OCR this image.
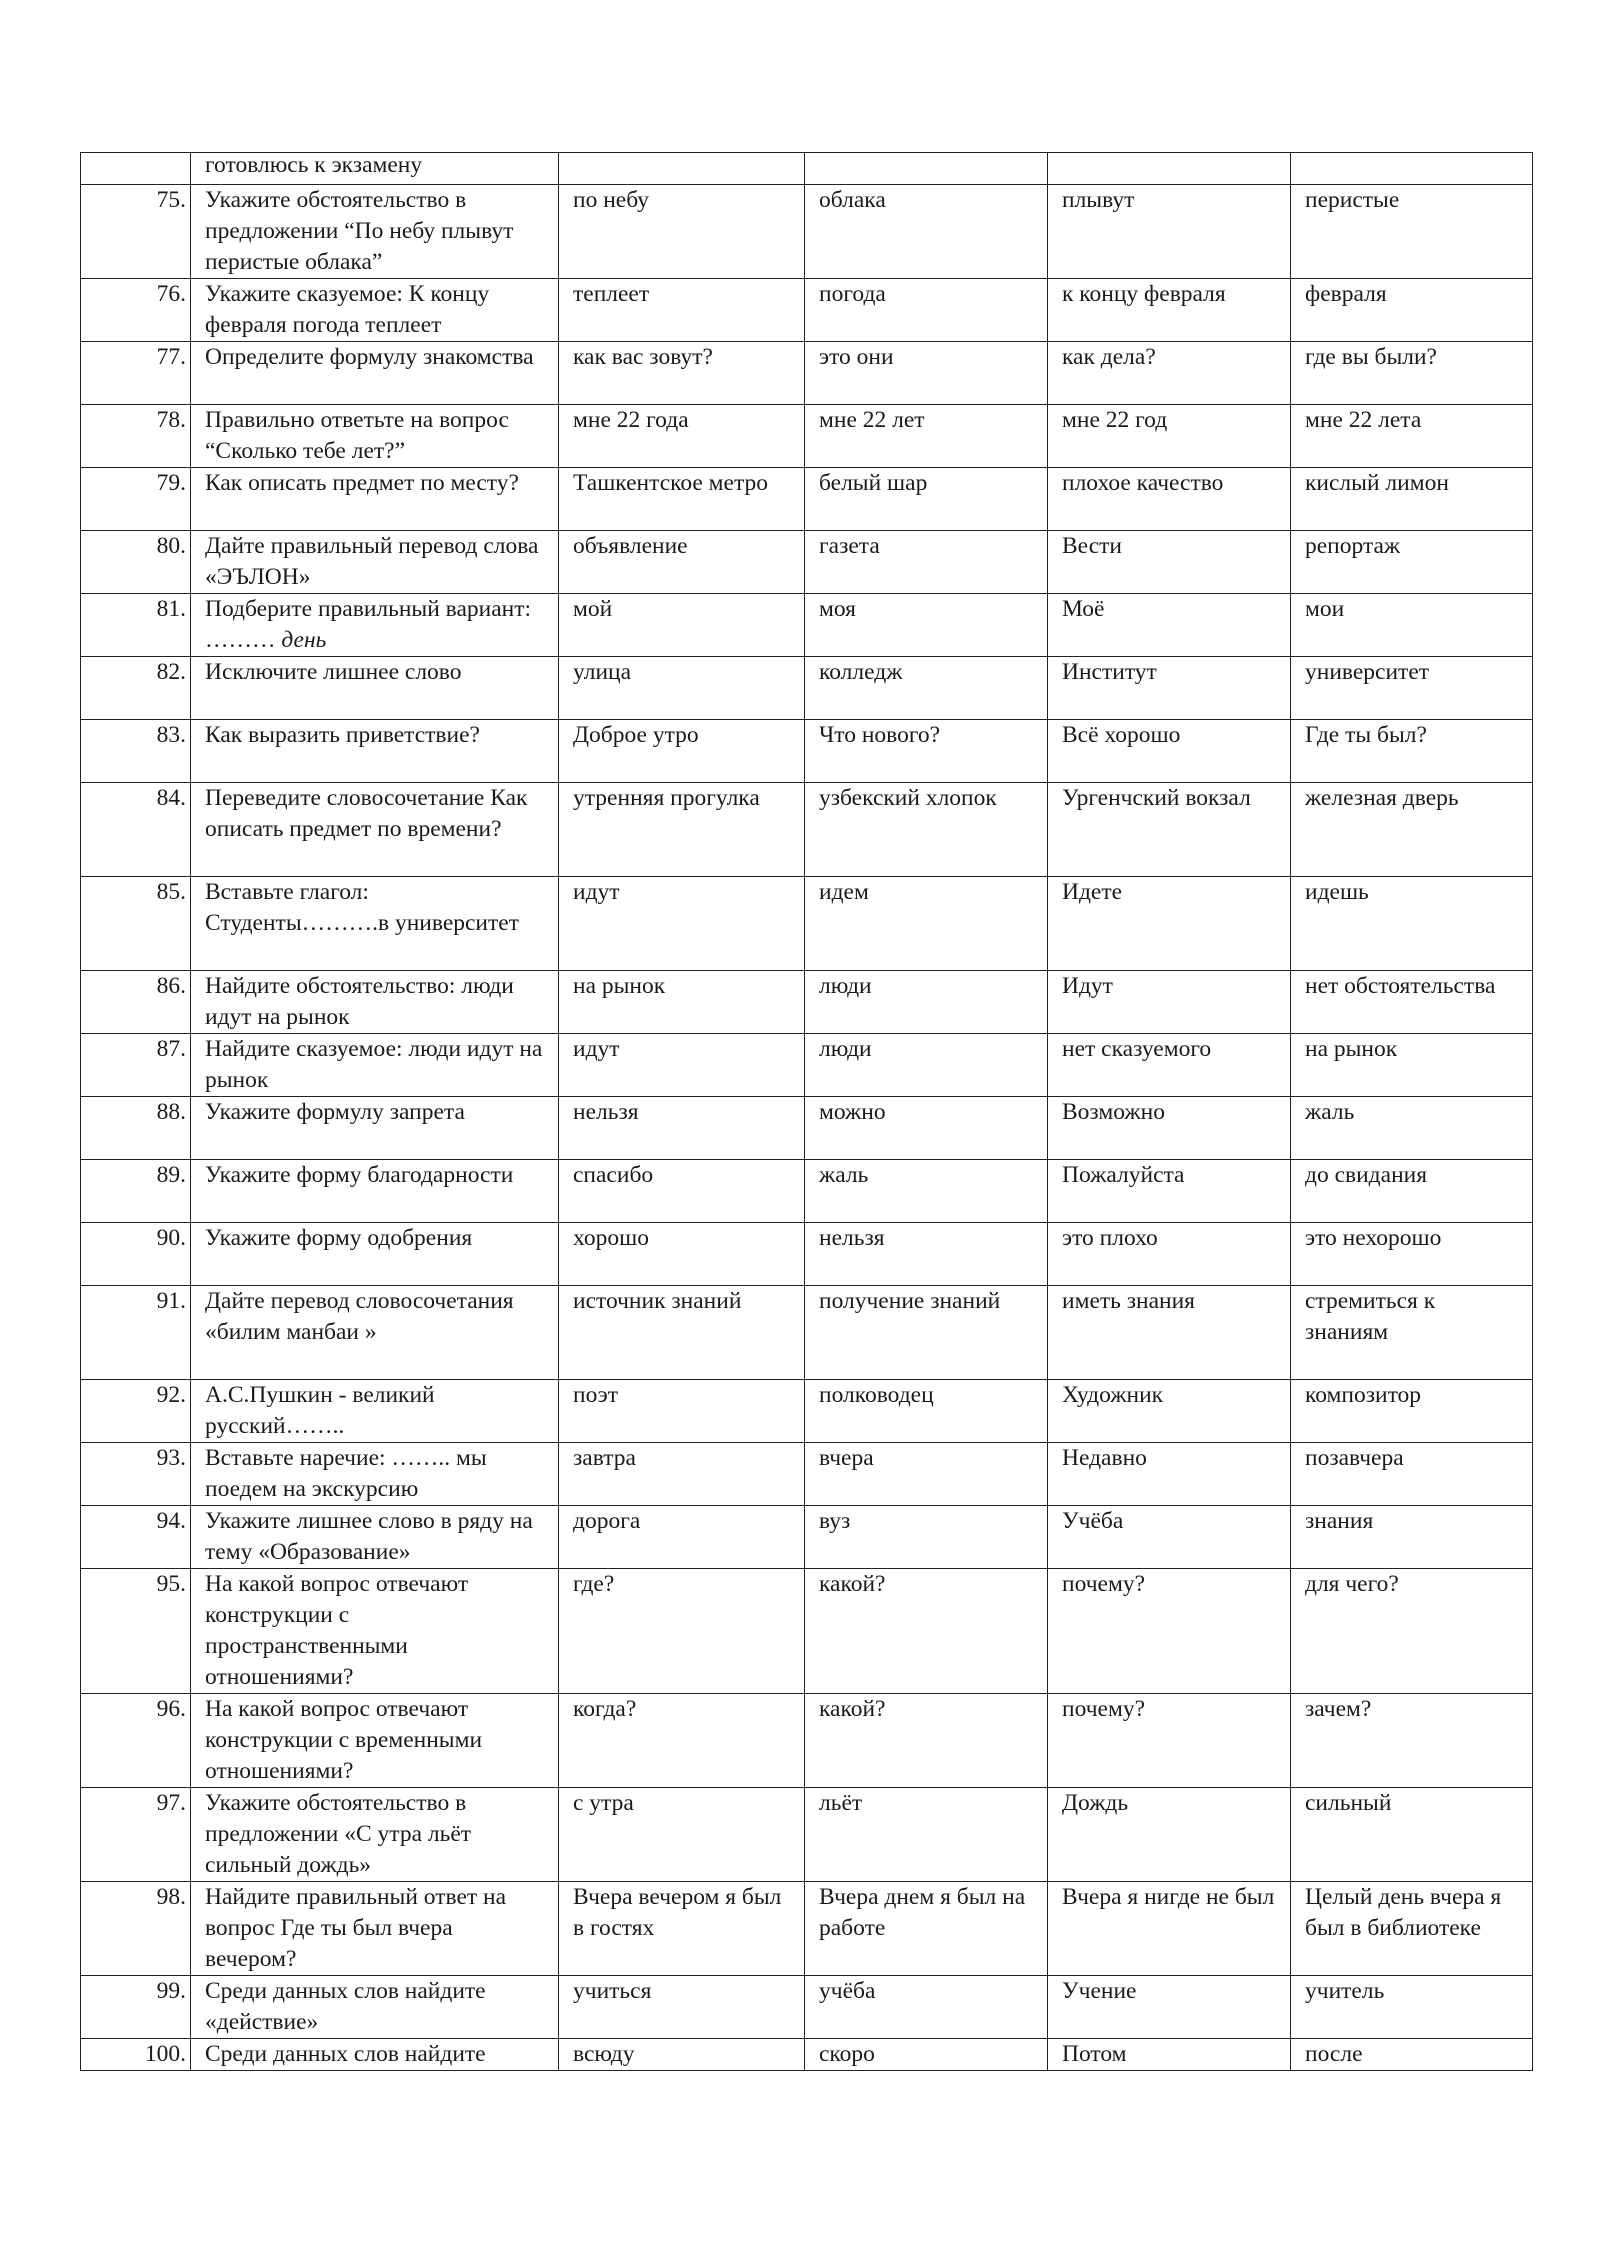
	готовлюсь к экзамену				
75.	Укажите обстоятельство в предложении “По небу плывут перистые облака”	по небу	облака	плывут	перистые
76.	Укажите сказуемое: К концу февраля погода теплеет	теплеет	погода	к концу февраля	февраля
77.	Определите формулу знакомства	как вас зовут?	это они	как дела?	где вы были?
78.	Правильно ответьте на вопрос “Сколько тебе лет?”	мне 22 года	мне 22 лет	мне 22 год	мне 22 лета
79.	Как описать предмет по месту?	Ташкентское метро	белый шар	плохое качество	кислый лимон
80.	Дайте правильный перевод слова «ЭЪЛОН»	объявление	газета	Вести	репортаж
81.	Подберите правильный вариант: ……… день	мой	моя	Моё	мои
82.	Исключите лишнее слово	улица	колледж	Институт	университет
83.	Как выразить приветствие?	Доброе утро	Что нового?	Всё хорошо	Где ты был?
84.	Переведите словосочетание Как описать предмет по времени?	утренняя прогулка	узбекский хлопок	Ургенчский вокзал	железная дверь
85.	Вставьте глагол: Студенты……….в университет	идут	идем	Идете	идешь
86.	Найдите обстоятельство: люди идут на рынок	на рынок	люди	Идут	нет обстоятельства
87.	Найдите сказуемое: люди идут на рынок	идут	люди	нет сказуемого	на рынок
88.	Укажите формулу запрета	нельзя	можно	Возможно	жаль
89.	Укажите форму благодарности	спасибо	жаль	Пожалуйста	до свидания
90.	Укажите форму одобрения	хорошо	нельзя	это плохо	это нехорошо
91.	Дайте перевод словосочетания «билим манбаи »	источник знаний	получение знаний	иметь знания	стремиться к знаниям
92.	А.С.Пушкин - великий русский……..	поэт	полководец	Художник	композитор
93.	Вставьте наречие: …….. мы поедем на экскурсию	завтра	вчера	Недавно	позавчера
94.	Укажите лишнее слово в ряду на тему «Образование»	дорога	вуз	Учёба	знания
95.	На какой вопрос отвечают конструкции с пространственными отношениями?	где?	какой?	почему?	для чего?
96.	На какой вопрос отвечают конструкции с временными отношениями?	когда?	какой?	почему?	зачем?
97.	Укажите обстоятельство в предложении «С утра льёт сильный дождь»	с утра	льёт	Дождь	сильный
98.	Найдите правильный ответ на вопрос Где ты был вчера вечером?	Вчера вечером я был в гостях	Вчера днем я был на работе	Вчера я нигде не был	Целый день вчера я был в библиотеке
99.	Среди данных слов найдите «действие»	учиться	учёба	Учение	учитель
100.	Среди данных слов найдите	всюду	скоро	Потом	после
